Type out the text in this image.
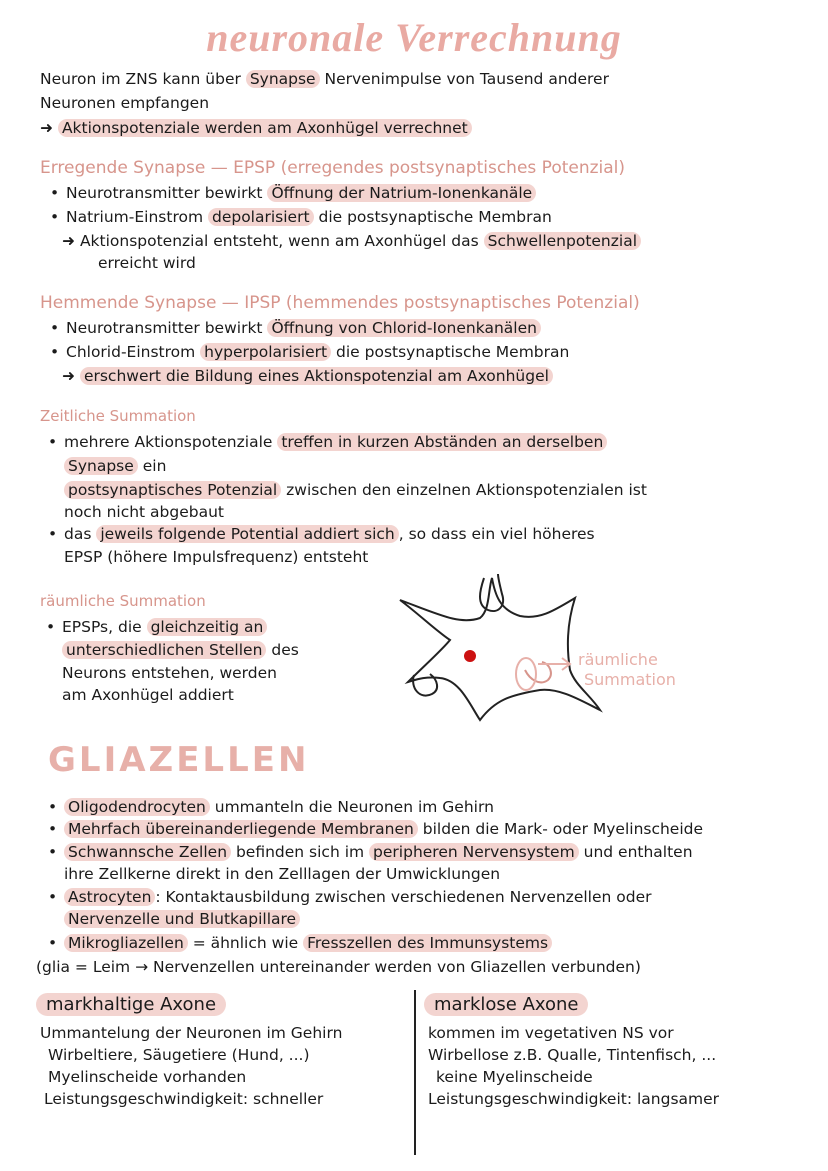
neuronale Verrechnung
Neuron im ZNS kann über Synapse Nervenimpulse von Tausend anderer
Neuronen empfangen
➜ Aktionspotenziale werden am Axonhügel verrechnet
Erregende Synapse — EPSP (erregendes postsynaptisches Potenzial)
• Neurotransmitter bewirkt Öffnung der Natrium-Ionenkanäle
• Natrium-Einstrom depolarisiert die postsynaptische Membran
➜ Aktionspotenzial entsteht, wenn am Axonhügel das Schwellenpotenzial
erreicht wird
Hemmende Synapse — IPSP (hemmendes postsynaptisches Potenzial)
• Neurotransmitter bewirkt Öffnung von Chlorid-Ionenkanälen
• Chlorid-Einstrom hyperpolarisiert die postsynaptische Membran
➜ erschwert die Bildung eines Aktionspotenzial am Axonhügel
Zeitliche Summation
• mehrere Aktionspotenziale treffen in kurzen Abständen an derselben
Synapse ein
postsynaptisches Potenzial zwischen den einzelnen Aktionspotenzialen ist
noch nicht abgebaut
• das jeweils folgende Potential addiert sich , so dass ein viel höheres
EPSP (höhere Impulsfrequenz) entsteht
räumliche Summation
• EPSPs, die gleichzeitig an
unterschiedlichen Stellen des
Neurons entstehen, werden
am Axonhügel addiert
räumliche
Summation
GLIAZELLEN
• Oligodendrocyten ummanteln die Neuronen im Gehirn
• Mehrfach übereinanderliegende Membranen bilden die Mark- oder Myelinscheide
• Schwannsche Zellen befinden sich im peripheren Nervensystem und enthalten
ihre Zellkerne direkt in den Zelllagen der Umwicklungen
• Astrocyten : Kontaktausbildung zwischen verschiedenen Nervenzellen oder
Nervenzelle und Blutkapillare
• Mikrogliazellen = ähnlich wie Fresszellen des Immunsystems
(glia = Leim → Nervenzellen untereinander werden von Gliazellen verbunden)
markhaltige Axone
Ummantelung der Neuronen im Gehirn
Wirbeltiere, Säugetiere (Hund, ...)
Myelinscheide vorhanden
Leistungsgeschwindigkeit: schneller
marklose Axone
kommen im vegetativen NS vor
Wirbellose z.B. Qualle, Tintenfisch, ...
keine Myelinscheide
Leistungsgeschwindigkeit: langsamer
